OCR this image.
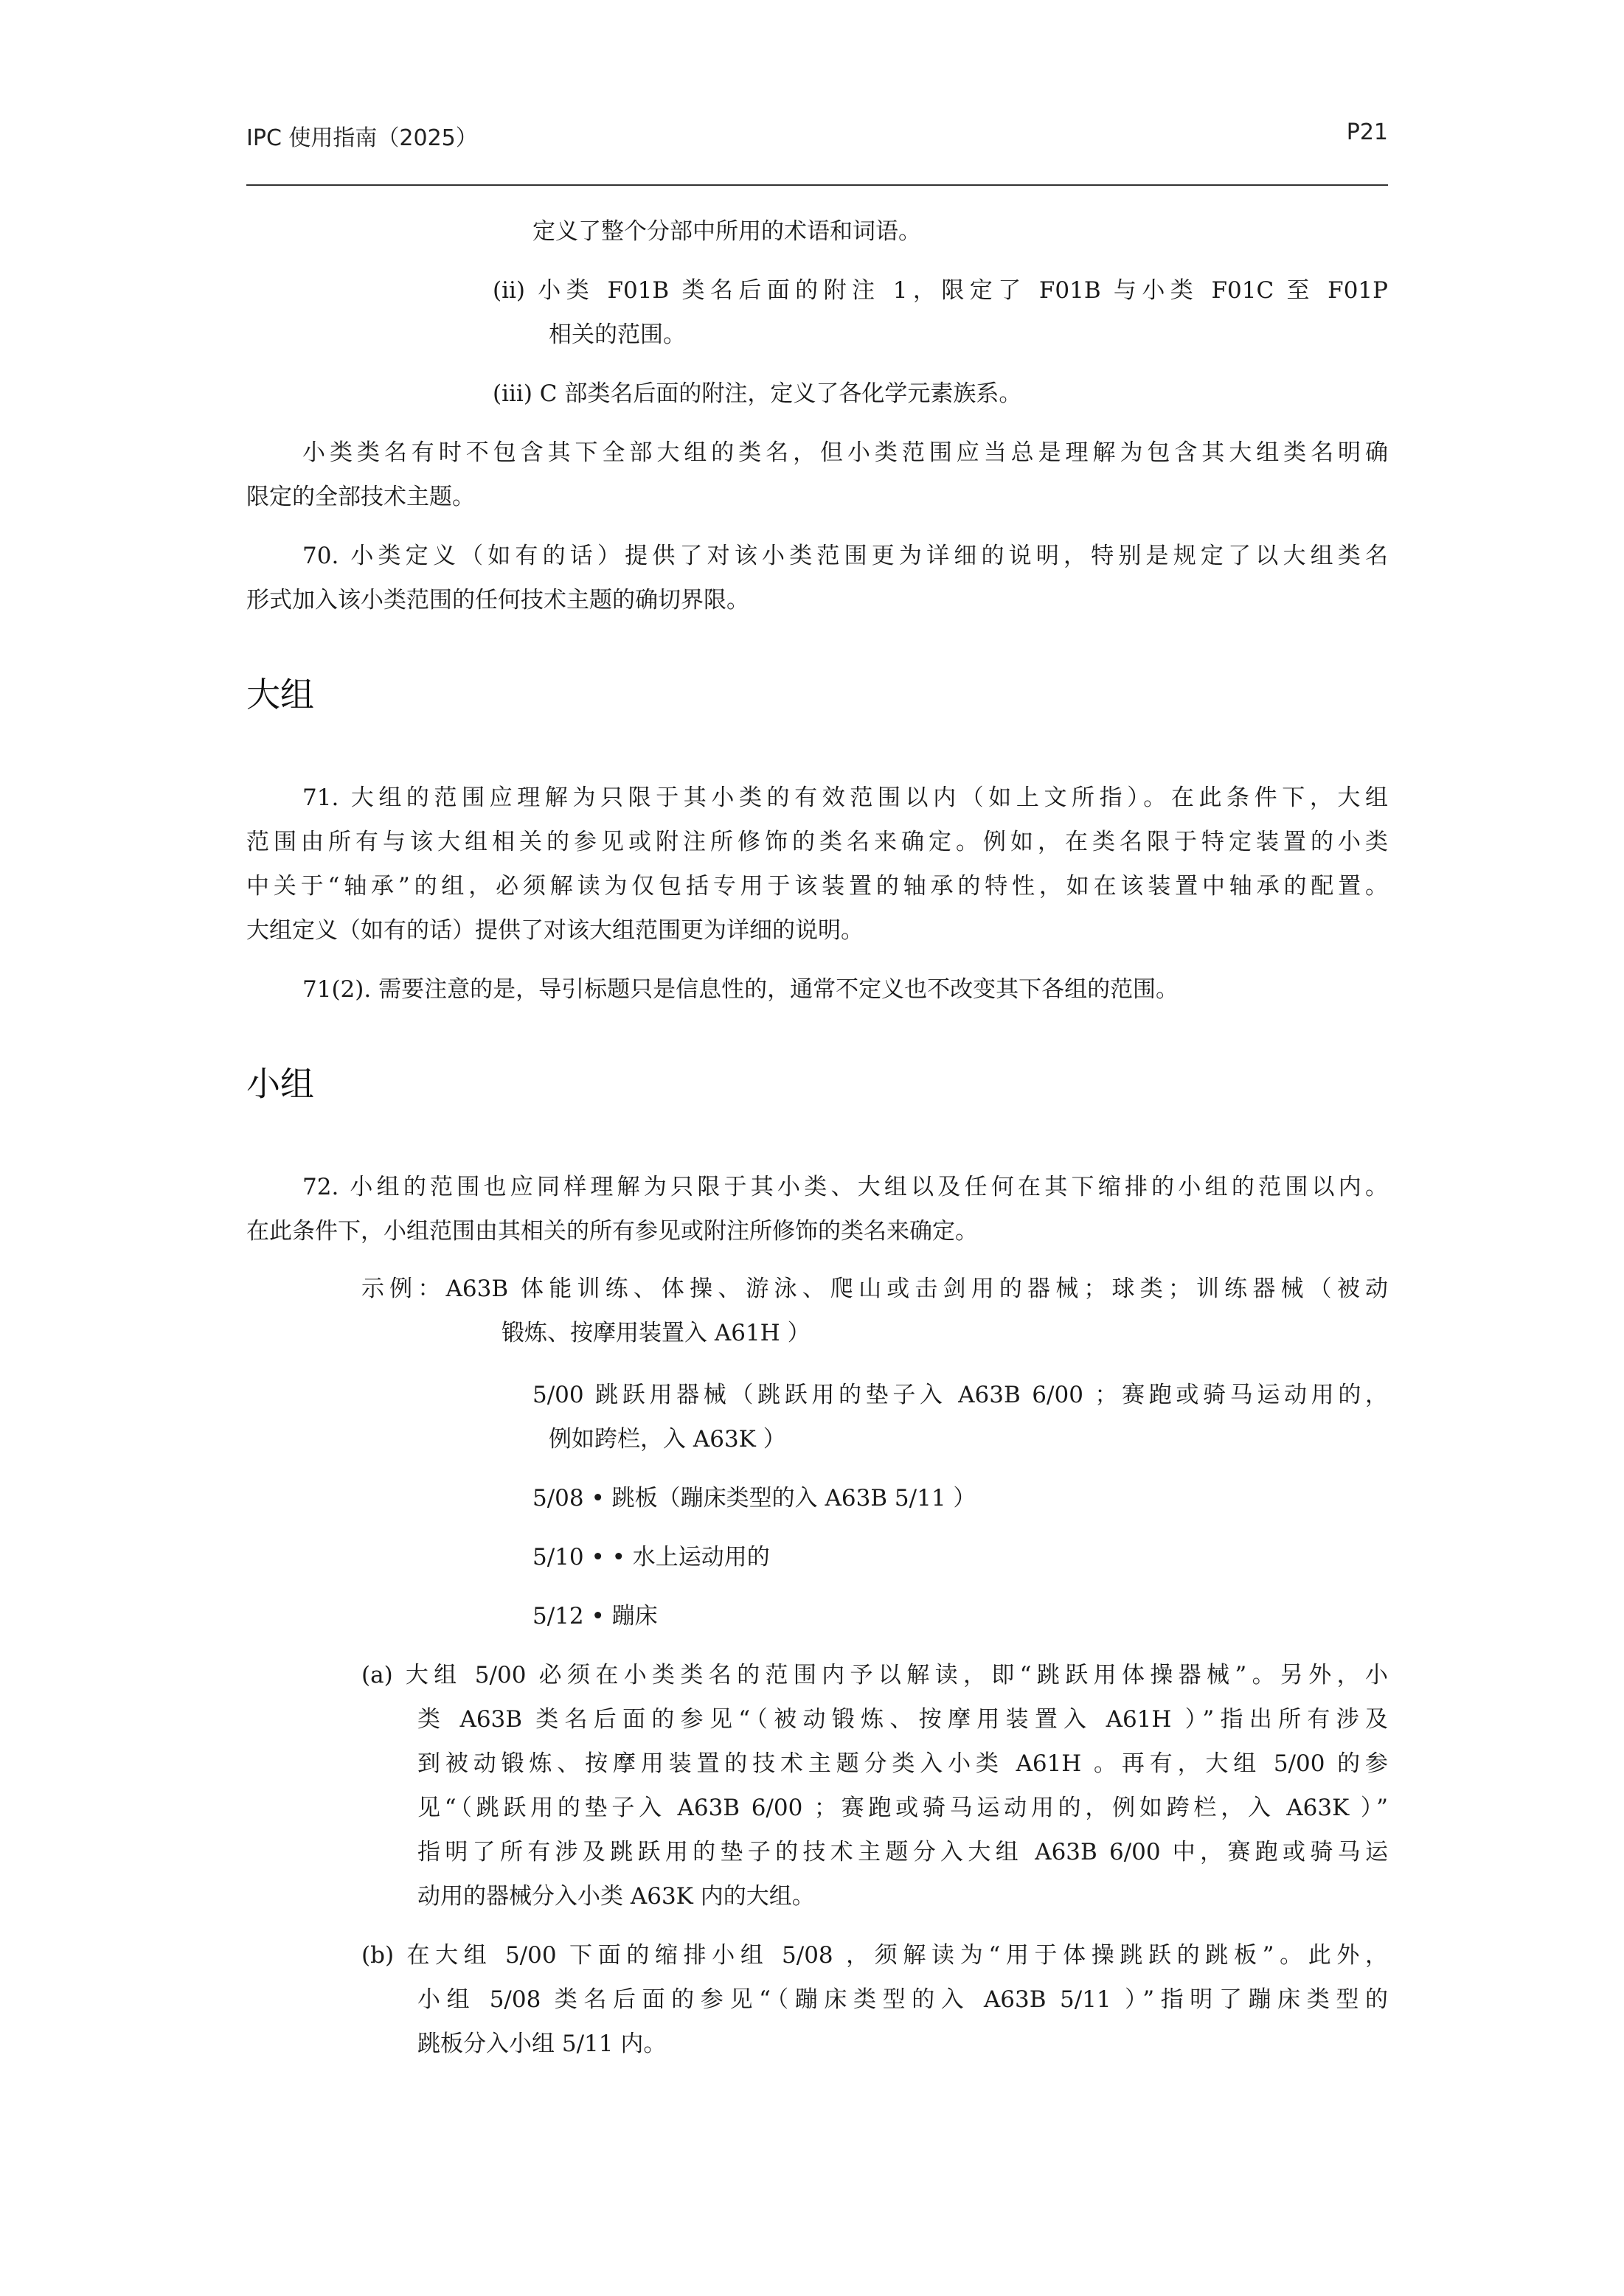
IPC 使用指南（2025）	P21
定义了整个分部中所用的术语和词语。
(ii) 小类 F01B 类名后面的附注 1，限定了 F01B 与小类 F01C 至 F01P
相关的范围。
(iii) C 部类名后面的附注，定义了各化学元素族系。
小类类名有时不包含其下全部大组的类名，但小类范围应当总是理解为包含其大组类名明确
限定的全部技术主题。
70. 小类定义（如有的话）提供了对该小类范围更为详细的说明，特别是规定了以大组类名
形式加入该小类范围的任何技术主题的确切界限。
大组
71. 大组的范围应理解为只限于其小类的有效范围以内（如上文所指）。在此条件下，大组
范围由所有与该大组相关的参见或附注所修饰的类名来确定。例如，在类名限于特定装置的小类
中关于“轴承”的组，必须解读为仅包括专用于该装置的轴承的特性，如在该装置中轴承的配置。
大组定义（如有的话）提供了对该大组范围更为详细的说明。
71(2). 需要注意的是，导引标题只是信息性的，通常不定义也不改变其下各组的范围。
小组
72. 小组的范围也应同样理解为只限于其小类、大组以及任何在其下缩排的小组的范围以内。
在此条件下，小组范围由其相关的所有参见或附注所修饰的类名来确定。
示例：A63B 体能训练、体操、游泳、爬山或击剑用的器械；球类；训练器械（被动
锻炼、按摩用装置入 A61H ）
5/00 跳跃用器械（跳跃用的垫子入 A63B 6/00 ；赛跑或骑马运动用的，
例如跨栏，入 A63K ）
5/08 • 跳板（蹦床类型的入 A63B 5/11 ）
5/10 • • 水上运动用的
5/12 • 蹦床
(a) 大组 5/00 必须在小类类名的范围内予以解读，即“跳跃用体操器械”。另外，小
类 A63B 类名后面的参见“（被动锻炼、按摩用装置入 A61H ）”指出所有涉及
到被动锻炼、按摩用装置的技术主题分类入小类 A61H 。再有，大组 5/00 的参
见“（跳跃用的垫子入 A63B 6/00 ；赛跑或骑马运动用的，例如跨栏，入 A63K ）”
指明了所有涉及跳跃用的垫子的技术主题分入大组 A63B 6/00 中，赛跑或骑马运
动用的器械分入小类 A63K 内的大组。
(b) 在大组 5/00 下面的缩排小组 5/08 ，须解读为“用于体操跳跃的跳板”。此外，
小组 5/08 类名后面的参见“（蹦床类型的入 A63B 5/11 ）”指明了蹦床类型的
跳板分入小组 5/11 内。
